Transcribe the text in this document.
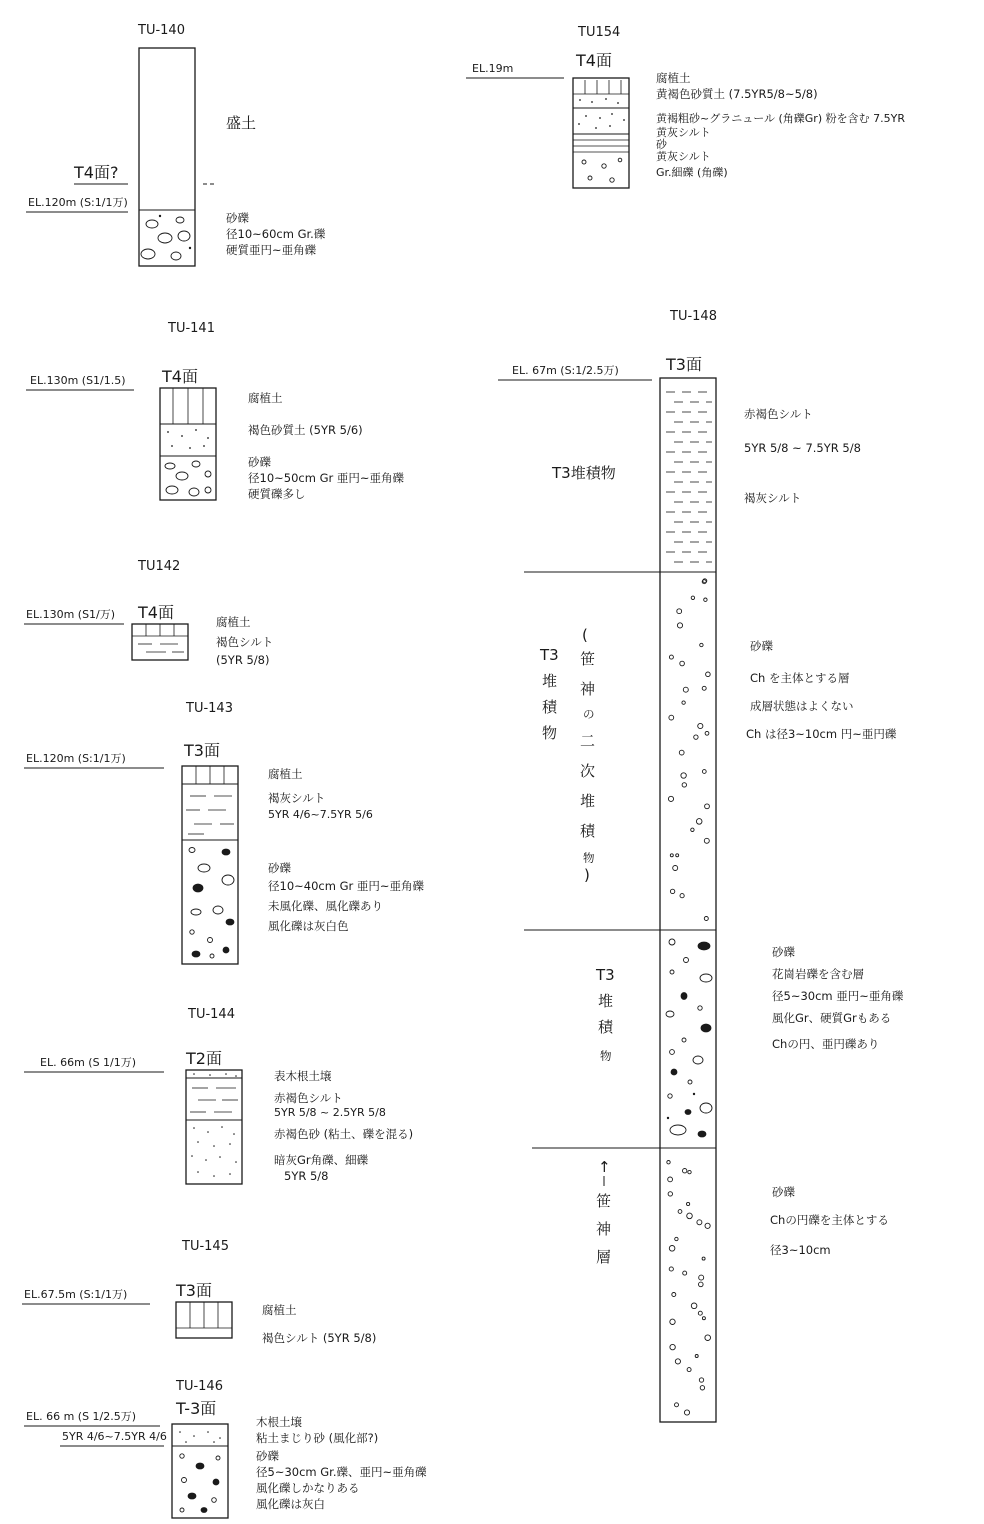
TU-140
盛土
T4面?
EL.120m (S:1/1万)
砂礫
径10~60cm Gr.礫
硬質亜円~亜角礫
TU154
T4面
EL.19m
腐植土
黄褐色砂質土 (7.5YR5/8~5/8)
黄褐粗砂~グラニュール (角礫Gr) 粉を含む 7.5YR
黄灰シルト
砂
黄灰シルト
Gr.細礫 (角礫)
TU-141
T4面
EL.130m (S1/1.5)
腐植土
褐色砂質土 (5YR 5/6)
砂礫
径10~50cm Gr 亜円~亜角礫
硬質礫多し
TU142
T4面
EL.130m (S1/万)
腐植土
褐色シルト
(5YR 5/8)
TU-143
T3面
EL.120m (S:1/1万)
腐植土
褐灰シルト
5YR 4/6~7.5YR 5/6
砂礫
径10~40cm Gr 亜円~亜角礫
未風化礫、風化礫あり
風化礫は灰白色
TU-144
T2面
EL. 66m (S 1/1万)
表木根土壌
赤褐色シルト
5YR 5/8 ~ 2.5YR 5/8
赤褐色砂 (粘土、礫を混る)
暗灰Gr角礫、細礫
5YR 5/8
TU-145
T3面
EL.67.5m (S:1/1万)
腐植土
褐色シルト (5YR 5/8)
TU-146
T-3面
EL. 66 m (S 1/2.5万)
5YR 4/6~7.5YR 4/6
木根土壌
粘土まじり砂 (風化部?)
砂礫
径5~30cm Gr.礫、亜円~亜角礫
風化礫しかなりある
風化礫は灰白
TU-148
T3面
EL. 67m (S:1/2.5万)
T3堆積物
赤褐色シルト
5YR 5/8 ~ 7.5YR 5/8
褐灰シルト
T3
堆
積
物
(
笹
神
の
二
次
堆
積
物
)
砂礫
Ch を主体とする層
成層状態はよくない
Ch は径3~10cm 円~亜円礫
T3
堆
積
物
砂礫
花崗岩礫を含む層
径5~30cm 亜円~亜角礫
風化Gr、硬質Grもある
Chの円、亜円礫あり
↑
笹
神
層
砂礫
Chの円礫を主体とする
径3~10cm
